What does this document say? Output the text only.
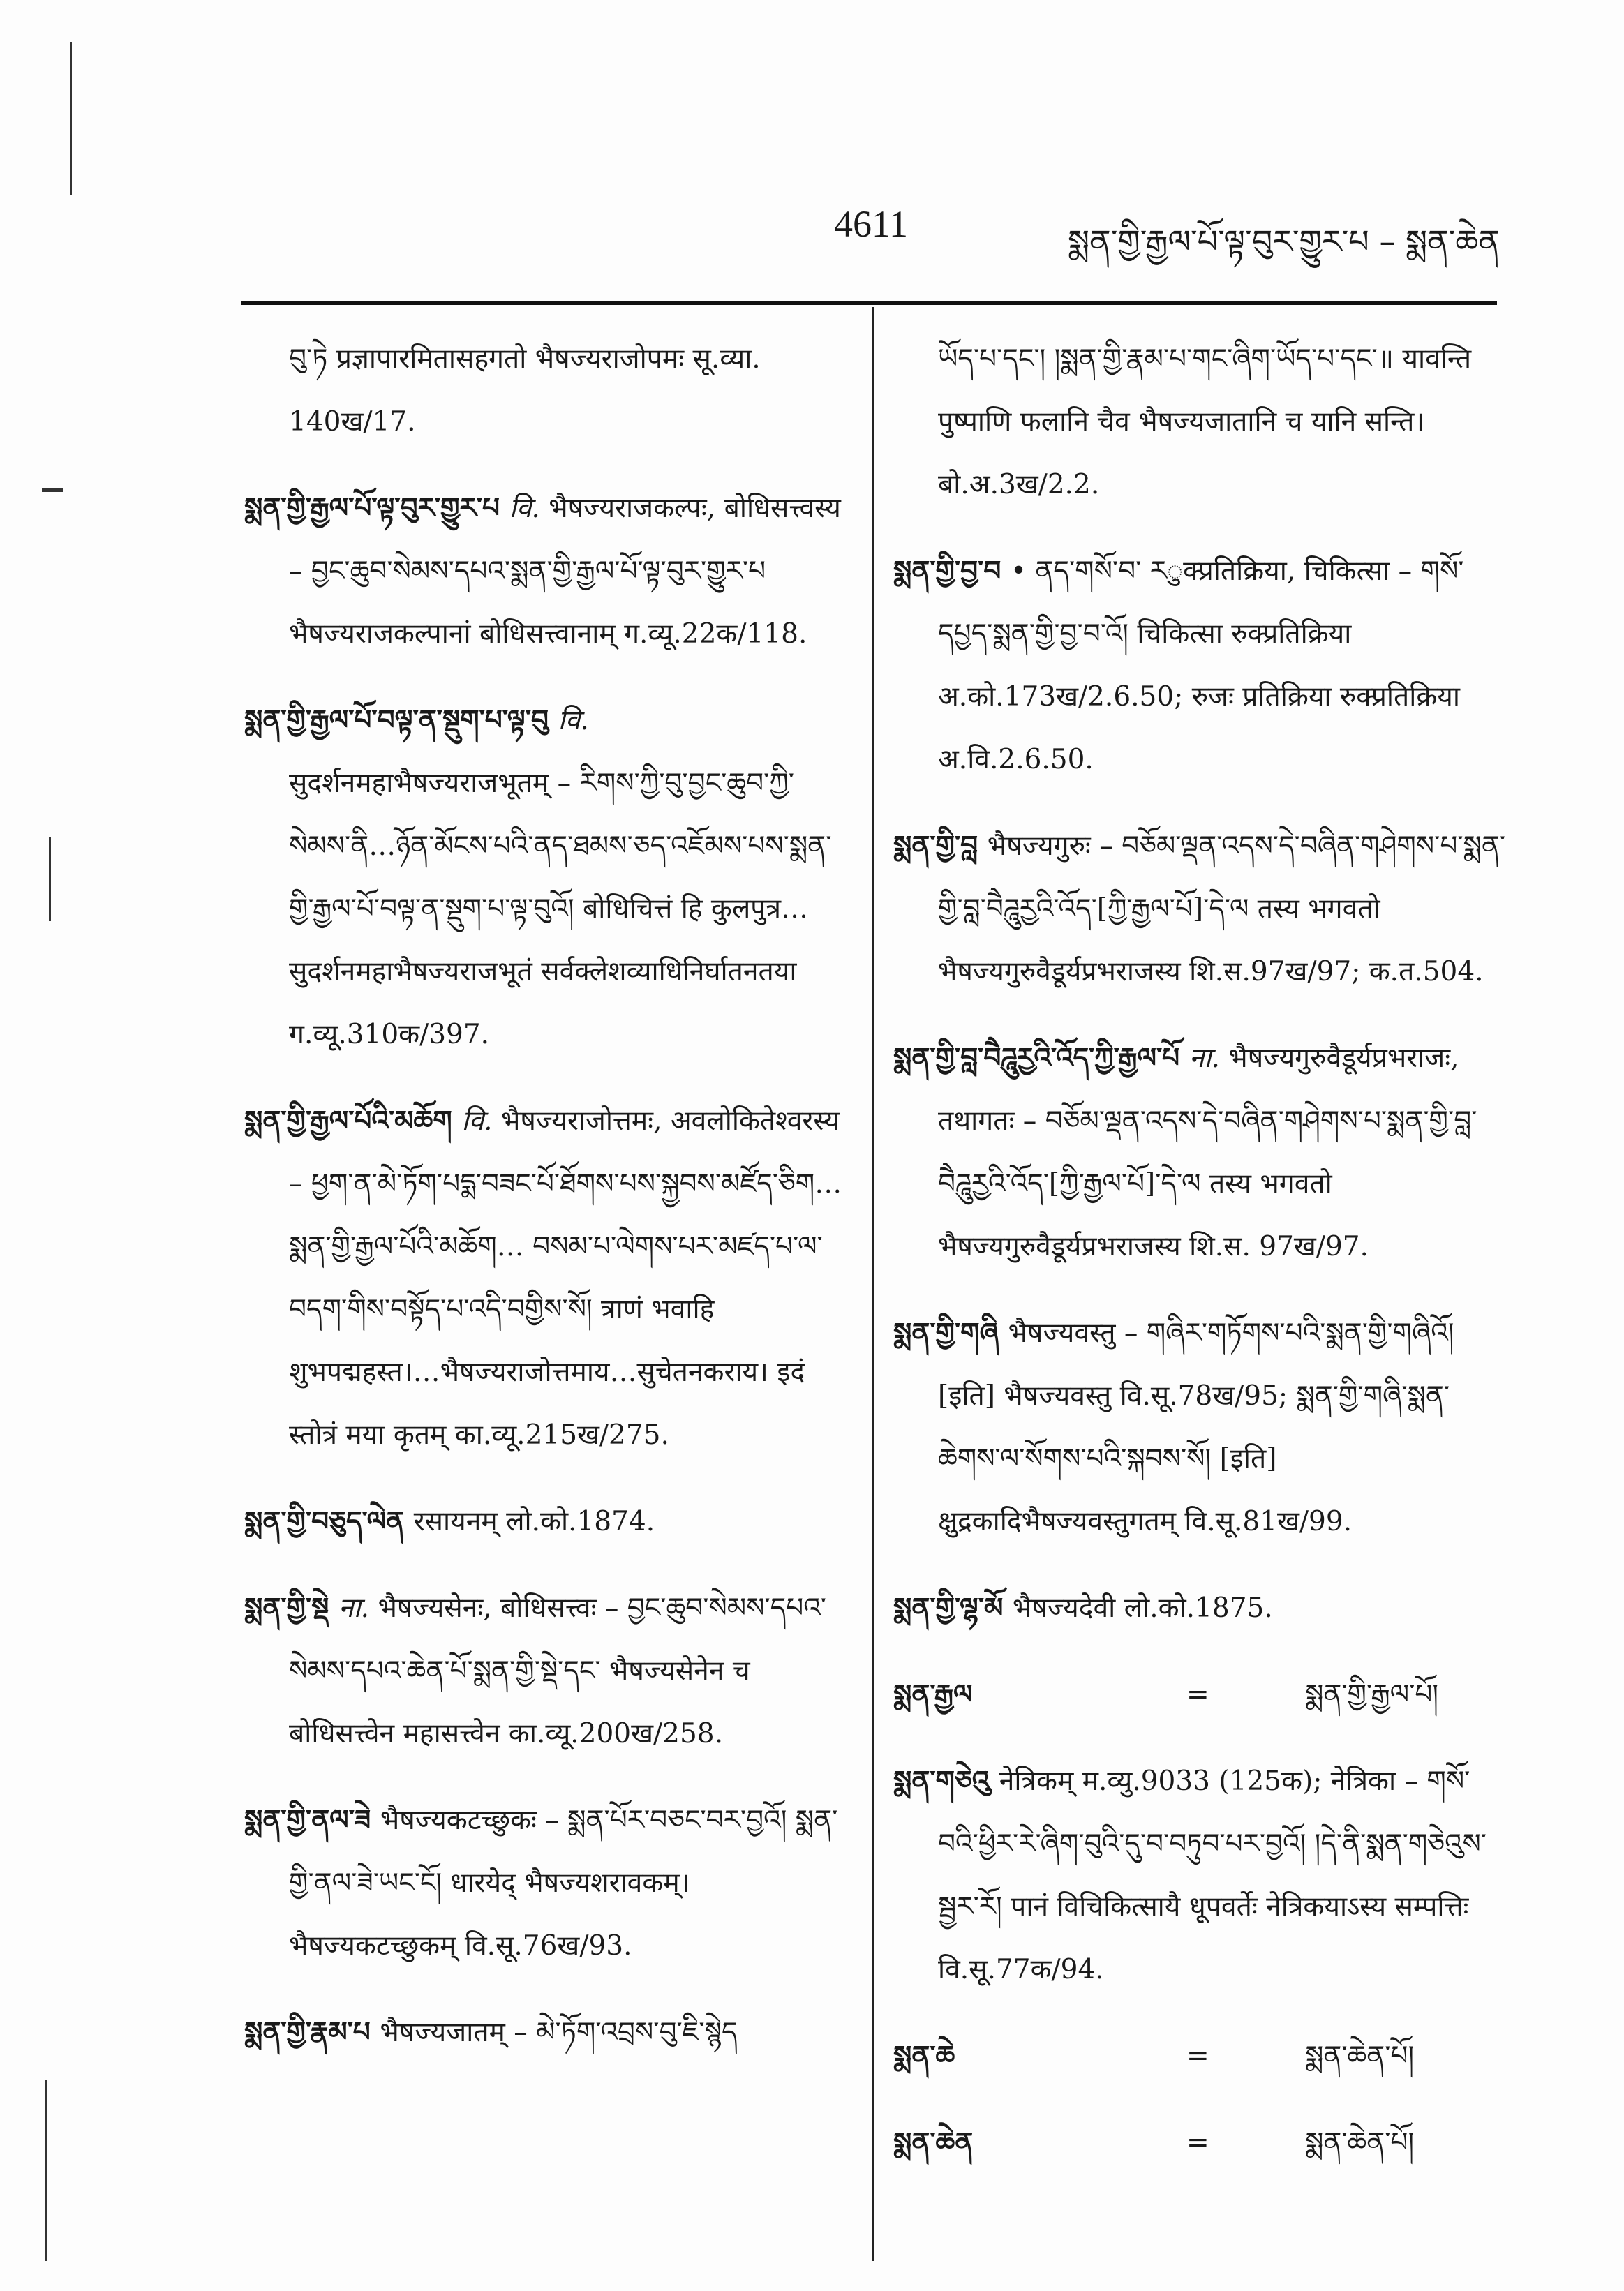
4611	སྨན་གྱི་རྒྱལ་པོ་ལྟ་བུར་གྱུར་པ – སྨན་ཆེན
བུ་ཏེ प्रज्ञापारमितासहगतो भैषज्यराजोपमः सू.व्या. 140ख/17.
སྨན་གྱི་རྒྱལ་པོ་ལྟ་བུར་གྱུར་པ वि. भैषज्यराजकल्पः, बोधिसत्त्वस्य – བྱང་ཆུབ་སེམས་དཔའ་སྨན་གྱི་རྒྱལ་པོ་ལྟ་བུར་གྱུར་པ भैषज्यराजकल्पानां बोधिसत्त्वानाम् ग.व्यू.22क/118.
སྨན་གྱི་རྒྱལ་པོ་བལྟ་ན་སྡུག་པ་ལྟ་བུ वि. सुदर्शनमहाभैषज्यराजभूतम् – རིགས་ཀྱི་བུ་བྱང་ཆུབ་ཀྱི་སེམས་ནི…ཉོན་མོངས་པའི་ནད་ཐམས་ཅད་འཇོམས་པས་སྨན་གྱི་རྒྱལ་པོ་བལྟ་ན་སྡུག་པ་ལྟ་བུའོ། बोधिचित्तं हि कुलपुत्र…सुदर्शनमहाभैषज्यराजभूतं सर्वक्लेशव्याधिनिर्घातनतया ग.व्यू.310क/397.
སྨན་གྱི་རྒྱལ་པོའི་མཆོག वि. भैषज्यराजोत्तमः, अवलोकितेश्वरस्य – ཕྱག་ན་མེ་ཏོག་པདྨ་བཟང་པོ་ཐོགས་པས་སྐྱབས་མཛོད་ཅིག… སྨན་གྱི་རྒྱལ་པོའི་མཆོག… བསམ་པ་ལེགས་པར་མཛད་པ་ལ་བདག་གིས་བསྟོད་པ་འདི་བགྱིས་སོ། त्राणं भवाहि शुभपद्महस्त।…भैषज्यराजोत्तमाय…सुचेतनकराय। इदं स्तोत्रं मया कृतम् का.व्यू.215ख/275.
སྨན་གྱི་བཅུད་ལེན रसायनम् लो.को.1874.
སྨན་གྱི་སྡེ ना. भैषज्यसेनः, बोधिसत्त्वः – བྱང་ཆུབ་སེམས་དཔའ་སེམས་དཔའ་ཆེན་པོ་སྨན་གྱི་སྡེ་དང་ भैषज्यसेनेन च बोधिसत्त्वेन महासत्त्वेन का.व्यू.200ख/258.
སྨན་གྱི་ནལ་ཟེ भैषज्यकटच्छुकः – སྨན་པོར་བཅང་བར་བྱའོ། སྨན་གྱི་ནལ་ཟེ་ཡང་ངོ། धारयेद् भैषज्यशरावकम्। भैषज्यकटच्छुकम् वि.सू.76ख/93.
སྨན་གྱི་རྣམ་པ भैषज्यजातम् – མེ་ཏོག་འབྲས་བུ་ཇི་སྙེད
ཡོད་པ་དང་། །སྨན་གྱི་རྣམ་པ་གང་ཞིག་ཡོད་པ་དང་॥ यावन्ति पुष्पाणि फलानि चैव भैषज्यजातानि च यानि सन्ति। बो.अ.3ख/2.2.
སྨན་གྱི་བྱ་བ • ནད་གསོ་བ་ རुक्प्रतिक्रिया, चिकित्सा – གསོ་དཔྱད་སྨན་གྱི་བྱ་བ་འོ། चिकित्सा रुक्प्रतिक्रिया अ.को.173ख/2.6.50; रुजः प्रतिक्रिया रुक्प्रतिक्रिया अ.वि.2.6.50.
སྨན་གྱི་བླ भैषज्यगुरुः – བཅོམ་ལྡན་འདས་དེ་བཞིན་གཤེགས་པ་སྨན་གྱི་བླ་བཻཌཱུརྱའི་འོད་[ཀྱི་རྒྱལ་པོ]་དེ་ལ तस्य भगवतो भैषज्यगुरुवैडूर्यप्रभराजस्य शि.स.97ख/97; क.त.504.
སྨན་གྱི་བླ་བཻཌཱུརྱའི་འོད་ཀྱི་རྒྱལ་པོ ना. भैषज्यगुरुवैडूर्यप्रभराजः, तथागतः – བཅོམ་ལྡན་འདས་དེ་བཞིན་གཤེགས་པ་སྨན་གྱི་བླ་བཻཌཱུརྱའི་འོད་[ཀྱི་རྒྱལ་པོ]་དེ་ལ तस्य भगवतो भैषज्यगुरुवैडूर्यप्रभराजस्य शि.स. 97ख/97.
སྨན་གྱི་གཞི भैषज्यवस्तु – གཞིར་གཏོགས་པའི་སྨན་གྱི་གཞིའོ། [इति] भैषज्यवस्तु वि.सू.78ख/95; སྨན་གྱི་གཞི་སྨན་ཆེགས་ལ་སོགས་པའི་སྐབས་སོ། [इति] क्षुद्रकादिभैषज्यवस्तुगतम् वि.सू.81ख/99.
སྨན་གྱི་ལྷ་མོ भैषज्यदेवी लो.को.1875.
སྨན་རྒྱལ	=	སྨན་གྱི་རྒྱལ་པོ།
སྨན་གཅེའུ नेत्रिकम् म.व्यु.9033 (125क); नेत्रिका – གསོ་བའི་ཕྱིར་རེ་ཞིག་བུའི་དུ་བ་བཏུབ་པར་བྱའོ། །དེ་ནི་སྨན་གཅེའུས་སྦྱར་རོ། पानं विचिकित्सायै धूपवर्तेः नेत्रिकयाऽस्य सम्पत्तिः वि.सू.77क/94.
སྨན་ཆེ	=	སྨན་ཆེན་པོ།
སྨན་ཆེན	=	སྨན་ཆེན་པོ།
